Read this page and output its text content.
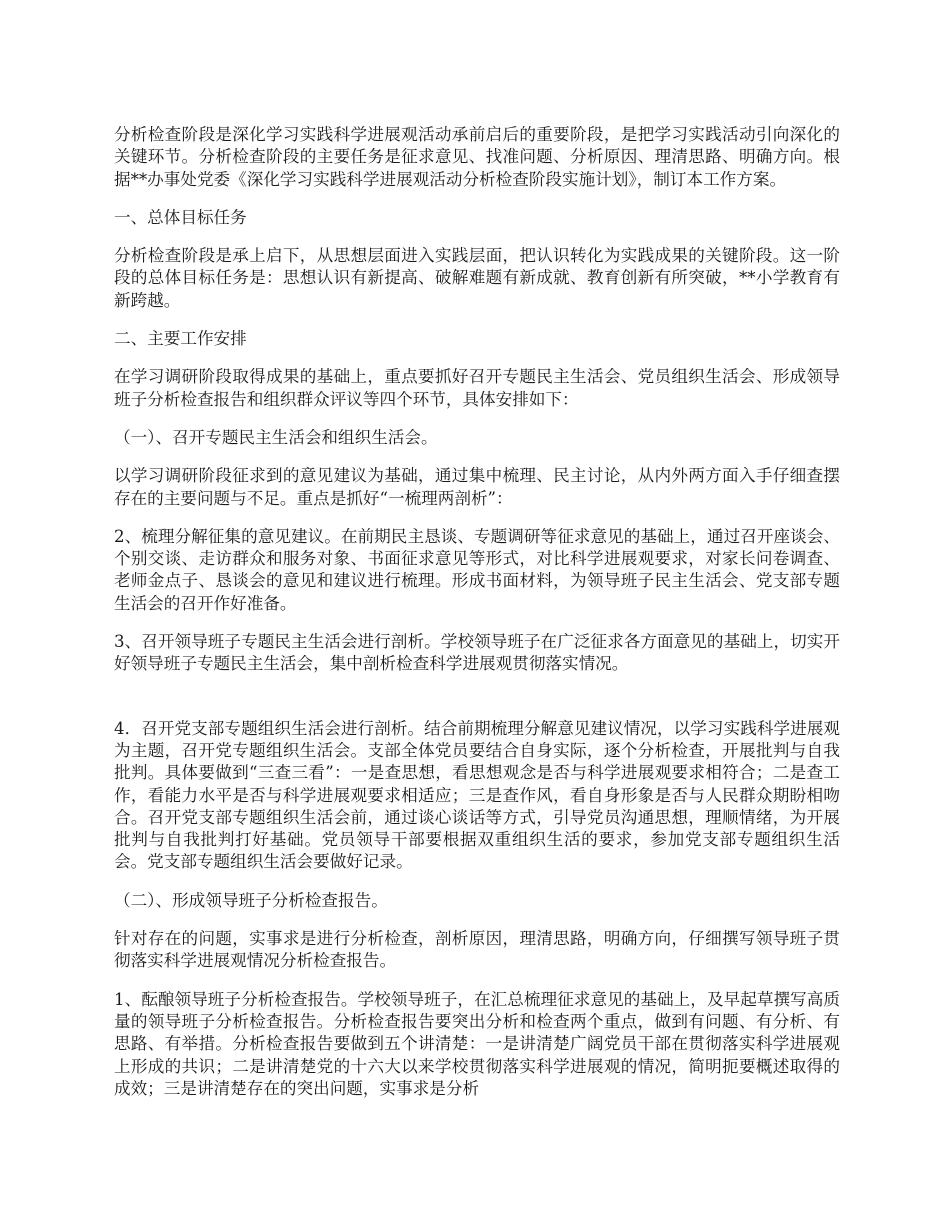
分析检查阶段是深化学习实践科学进展观活动承前启后的重要阶段，是把学习实践活动引向深化的关键环节。分析检查阶段的主要任务是征求意见、找准问题、分析原因、理清思路、明确方向。根据**办事处党委《深化学习实践科学进展观活动分析检查阶段实施计划》，制订本工作方案。

一、总体目标任务

分析检查阶段是承上启下，从思想层面进入实践层面，把认识转化为实践成果的关键阶段。这一阶段的总体目标任务是：思想认识有新提高、破解难题有新成就、教育创新有所突破，**小学教育有新跨越。

二、主要工作安排

在学习调研阶段取得成果的基础上，重点要抓好召开专题民主生活会、党员组织生活会、形成领导班子分析检查报告和组织群众评议等四个环节，具体安排如下：

（一）、召开专题民主生活会和组织生活会。

以学习调研阶段征求到的意见建议为基础，通过集中梳理、民主讨论，从内外两方面入手仔细查摆存在的主要问题与不足。重点是抓好“一梳理两剖析”：

2、梳理分解征集的意见建议。在前期民主恳谈、专题调研等征求意见的基础上，通过召开座谈会、个别交谈、走访群众和服务对象、书面征求意见等形式，对比科学进展观要求，对家长问卷调查、老师金点子、恳谈会的意见和建议进行梳理。形成书面材料，为领导班子民主生活会、党支部专题生活会的召开作好准备。

3、召开领导班子专题民主生活会进行剖析。学校领导班子在广泛征求各方面意见的基础上，切实开好领导班子专题民主生活会，集中剖析检查科学进展观贯彻落实情况。

4．召开党支部专题组织生活会进行剖析。结合前期梳理分解意见建议情况，以学习实践科学进展观为主题，召开党专题组织生活会。支部全体党员要结合自身实际，逐个分析检查，开展批判与自我批判。具体要做到“三查三看”：一是查思想，看思想观念是否与科学进展观要求相符合；二是查工作，看能力水平是否与科学进展观要求相适应；三是查作风，看自身形象是否与人民群众期盼相吻合。召开党支部专题组织生活会前，通过谈心谈话等方式，引导党员沟通思想，理顺情绪，为开展批判与自我批判打好基础。党员领导干部要根据双重组织生活的要求，参加党支部专题组织生活会。党支部专题组织生活会要做好记录。

（二）、形成领导班子分析检查报告。

针对存在的问题，实事求是进行分析检查，剖析原因，理清思路，明确方向，仔细撰写领导班子贯彻落实科学进展观情况分析检查报告。

1、酝酿领导班子分析检查报告。学校领导班子，在汇总梳理征求意见的基础上，及早起草撰写高质量的领导班子分析检查报告。分析检查报告要突出分析和检查两个重点，做到有问题、有分析、有思路、有举措。分析检查报告要做到五个讲清楚：一是讲清楚广阔党员干部在贯彻落实科学进展观上形成的共识；二是讲清楚党的十六大以来学校贯彻落实科学进展观的情况，简明扼要概述取得的成效；三是讲清楚存在的突出问题，实事求是分析
